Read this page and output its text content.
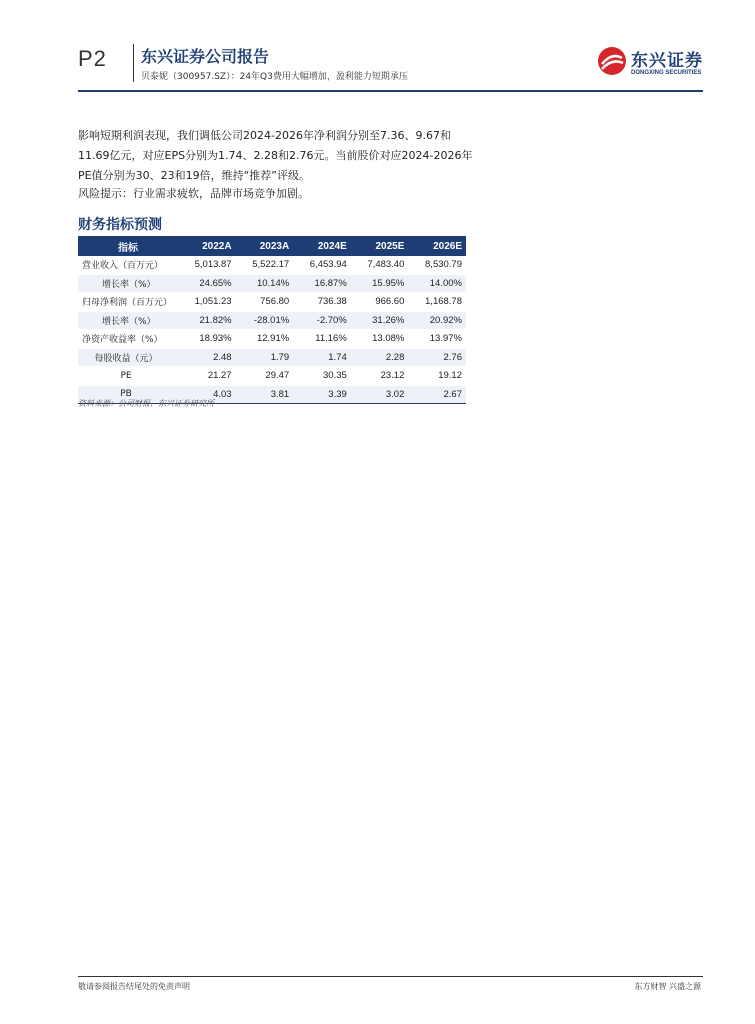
P2 东兴证券公司报告
贝泰妮（300957.SZ）：24年Q3费用大幅增加，盈利能力短期承压
东兴证券
DONGXING SECURITIES
影响短期利润表现，我们调低公司2024-2026年净利润分别至7.36、9.67和11.69亿元，对应EPS分别为1.74、2.28和2.76元。当前股价对应2024-2026年PE值分别为30、23和19倍，维持“推荐”评级。
风险提示：行业需求疲软，品牌市场竞争加剧。
财务指标预测
指标	2022A	2023A	2024E	2025E	2026E
营业收入（百万元）	5,013.87	5,522.17	6,453.94	7,483.40	8,530.79
增长率（%）	24.65%	10.14%	16.87%	15.95%	14.00%
归母净利润（百万元）	1,051.23	756.80	736.38	966.60	1,168.78
增长率（%）	21.82%	-28.01%	-2.70%	31.26%	20.92%
净资产收益率（%）	18.93%	12.91%	11.16%	13.08%	13.97%
每股收益（元）	2.48	1.79	1.74	2.28	2.76
PE	21.27	29.47	30.35	23.12	19.12
PB	4.03	3.81	3.39	3.02	2.67
资料来源：公司财报、东兴证券研究所
敬请参阅报告结尾处的免责声明	东方财智 兴盛之源
